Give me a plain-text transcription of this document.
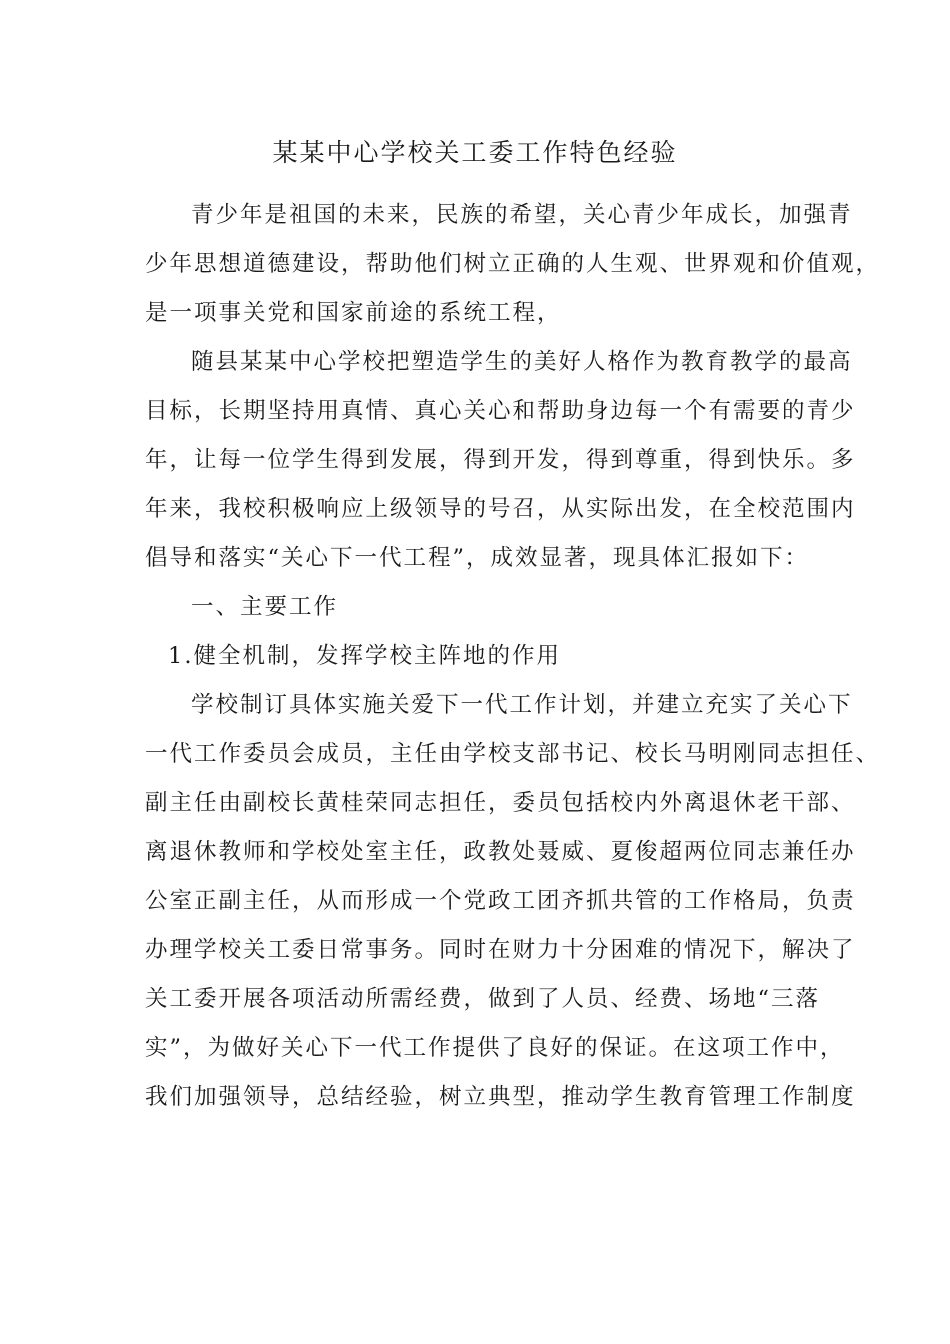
某某中心学校关工委工作特色经验

青少年是祖国的未来，民族的希望，关心青少年成长，加强青

少年思想道德建设，帮助他们树立正确的人生观、世界观和价值观，

是一项事关党和国家前途的系统工程，

随县某某中心学校把塑造学生的美好人格作为教育教学的最高

目标，长期坚持用真情、真心关心和帮助身边每一个有需要的青少

年，让每一位学生得到发展，得到开发，得到尊重，得到快乐。多

年来，我校积极响应上级领导的号召，从实际出发，在全校范围内

倡导和落实“关心下一代工程”，成效显著，现具体汇报如下：

一、主要工作

1.健全机制，发挥学校主阵地的作用

学校制订具体实施关爱下一代工作计划，并建立充实了关心下

一代工作委员会成员，主任由学校支部书记、校长马明刚同志担任、

副主任由副校长黄桂荣同志担任，委员包括校内外离退休老干部、

离退休教师和学校处室主任，政教处聂威、夏俊超两位同志兼任办

公室正副主任，从而形成一个党政工团齐抓共管的工作格局，负责

办理学校关工委日常事务。同时在财力十分困难的情况下，解决了

关工委开展各项活动所需经费，做到了人员、经费、场地“三落

实”，为做好关心下一代工作提供了良好的保证。在这项工作中，

我们加强领导，总结经验，树立典型，推动学生教育管理工作制度
